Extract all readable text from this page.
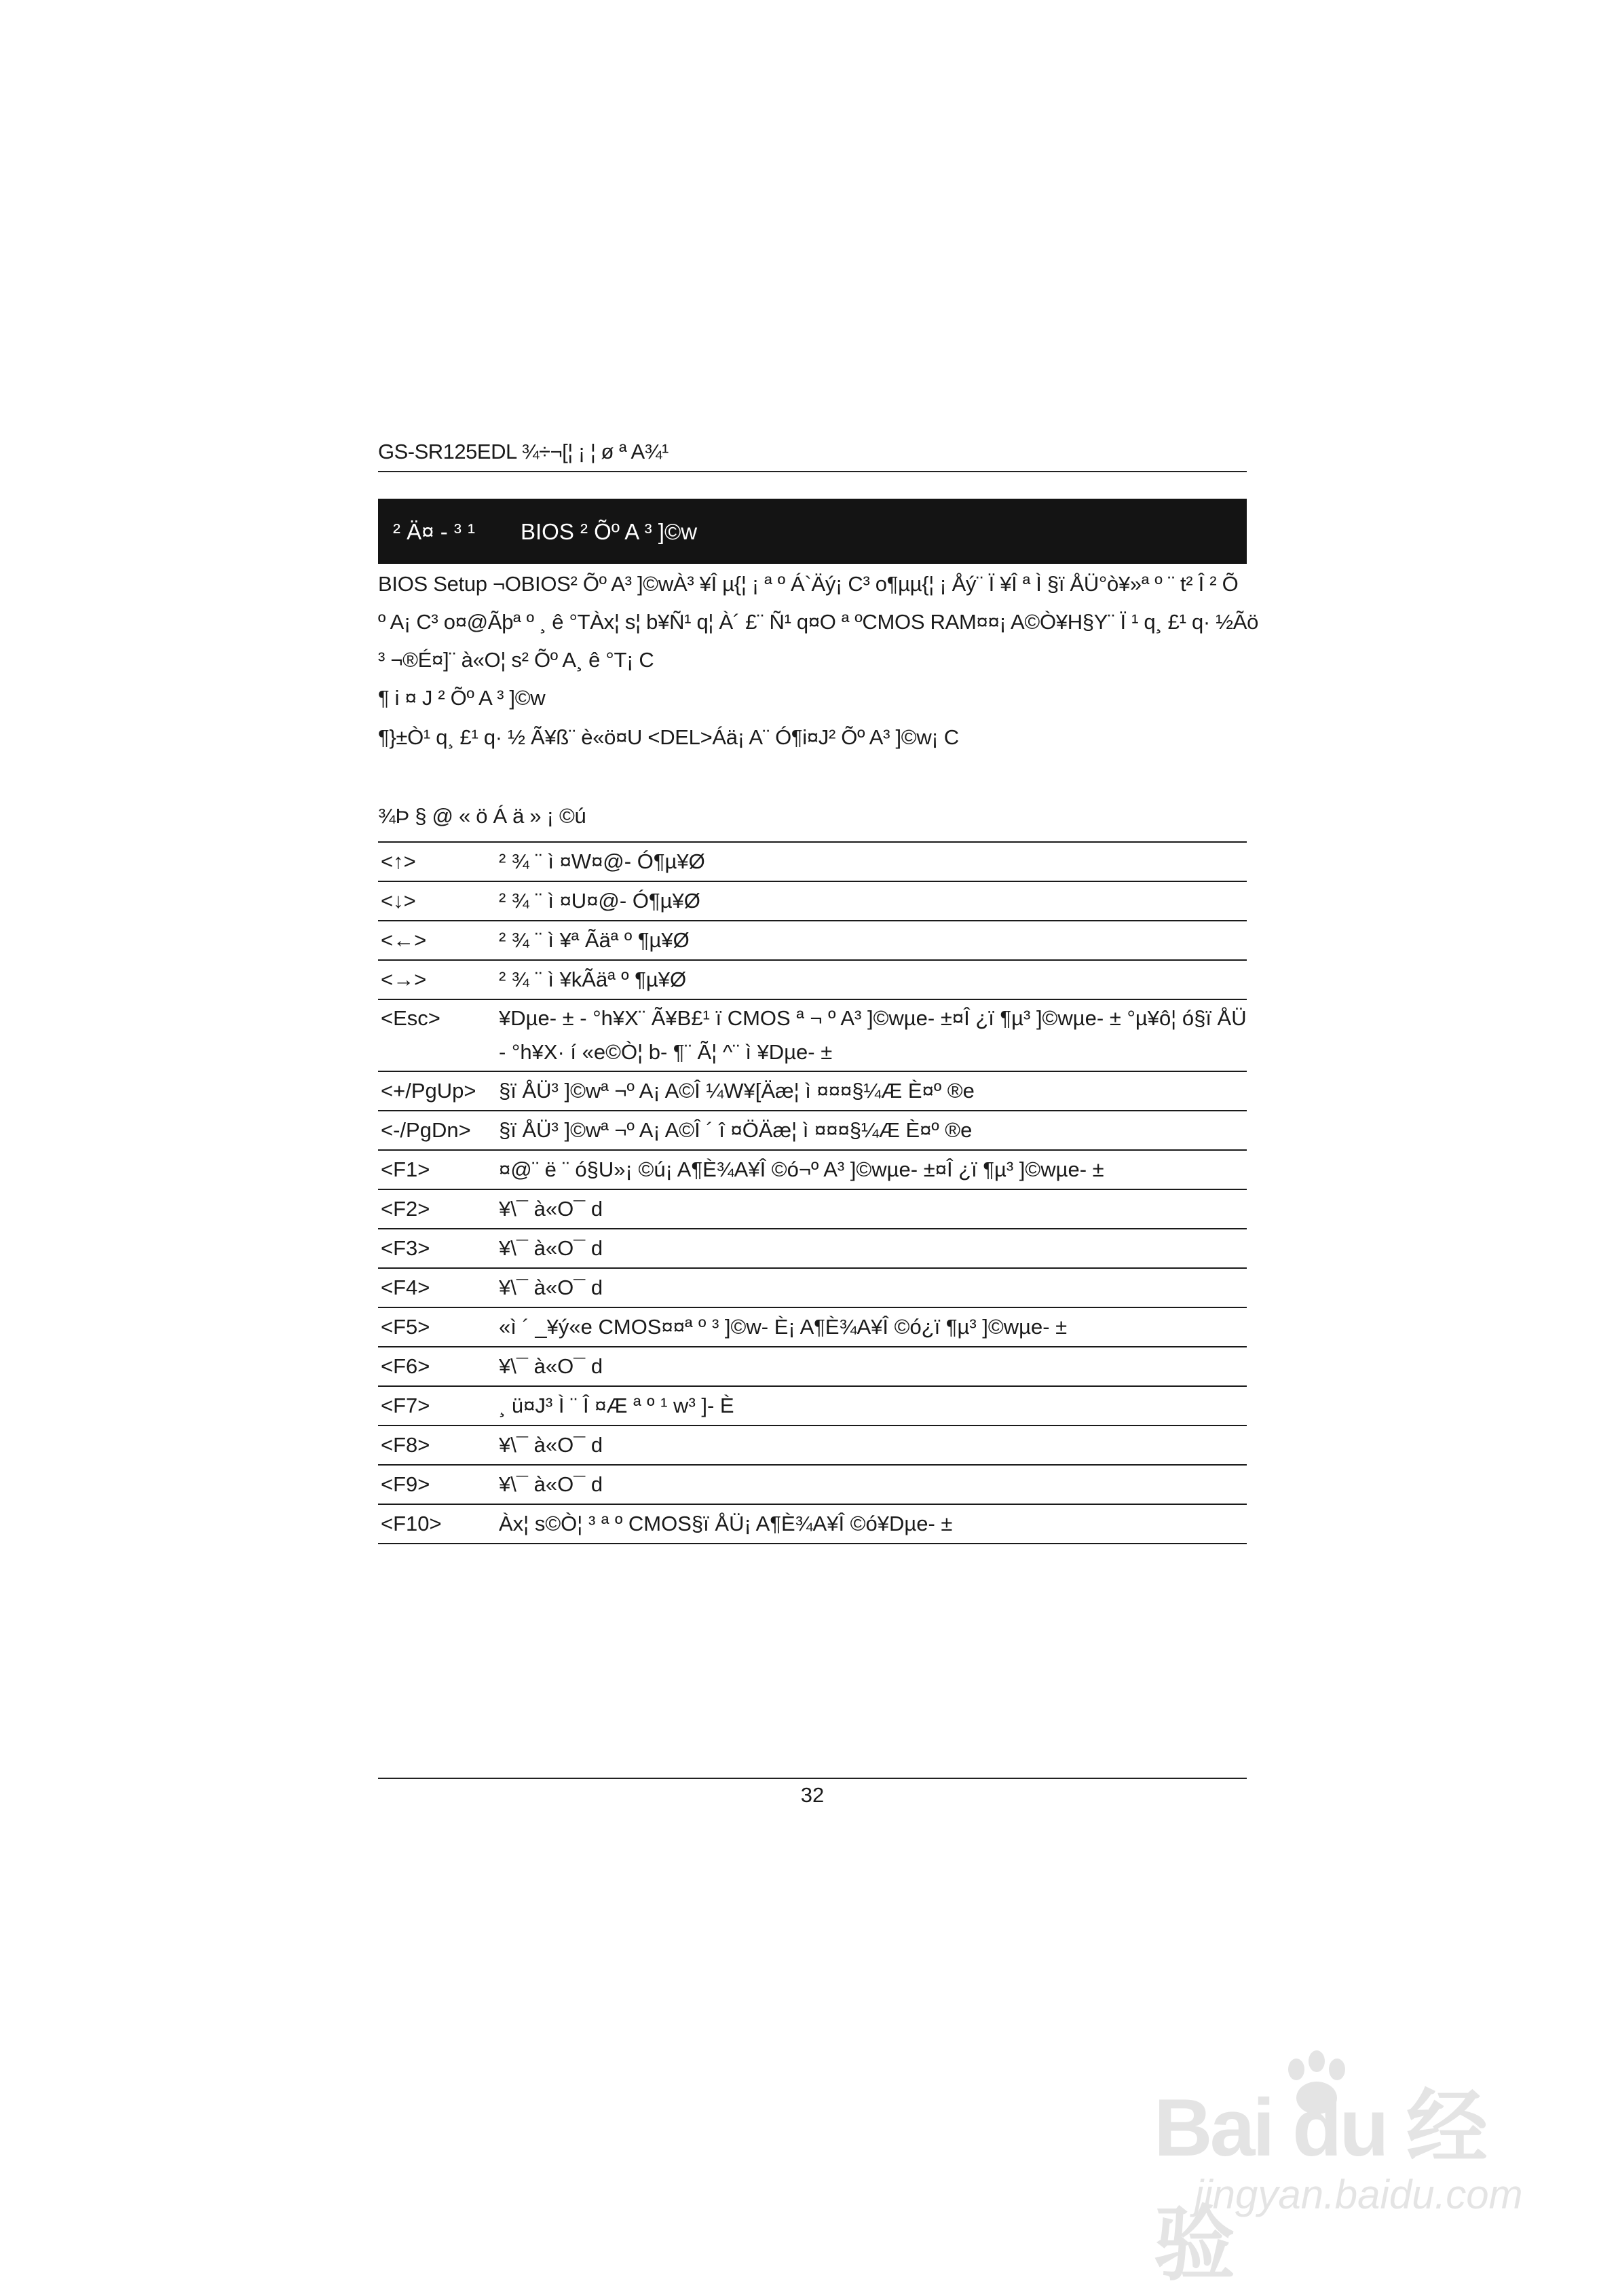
GS-SR125EDL ¾÷¬[¦ ¡ ¦ ø ª A¾¹
² Ä¤ - ³ ¹ BIOS ² Õº A ³ ]©w
BIOS Setup ¬OBIOS² Õº A³ ]©wÀ³ ¥Î µ{¦ ¡ ª º Á`Äý¡ C³ o¶µµ{¦ ¡ Åý¨ Ï ¥Î ª Ì §ï ÅÜ°ò¥»ª º ¨ t² Î ² Õ
º A¡ C³ o¤@Ãþª º ¸ ê °TÀx¦ s¦ b¥Ñ¹ q¦ À´ £¨ Ñ¹ q¤O ª ºCMOS RAM¤¤¡ A©Ò¥H§Y¨ Ï ¹ q¸ £¹ q· ½Ãö
³ ¬®É¤]¨ à«O¦ s² Õº A¸ ê °T¡ C
¶ i ¤ J ² Õº A ³ ]©w
¶}±Ò¹ q¸ £¹ q· ½ Ã¥ß¨ è«ö¤U <DEL>Áä¡ A¨ Ó¶i¤J² Õº A³ ]©w¡ C
¾Þ § @ « ö Á ä » ¡ ©ú
<↑>	² ¾ ¨ ì ¤W¤@- Ó¶µ¥Ø
<↓>	² ¾ ¨ ì ¤U¤@- Ó¶µ¥Ø
<←>	² ¾ ¨ ì ¥ª Ãäª º ¶µ¥Ø
<→>	² ¾ ¨ ì ¥kÃäª º ¶µ¥Ø
<Esc>	¥Dµe- ± - °h¥X¨ Ã¥B£¹ ï CMOS ª ¬ º A³ ]©wµe- ±¤Î ¿ï ¶µ³ ]©wµe- ± °µ¥ô¦ ó§ï ÅÜ
- °h¥X· í «e©Ò¦ b- ¶¨ Ã¦ ^¨ ì ¥Dµe- ±

<+/PgUp>	§ï ÅÜ³ ]©wª ¬º A¡ A©Î ¼W¥[Äæ¦ ì ¤¤¤§¼Æ È¤º ®e
<-/PgDn>	§ï ÅÜ³ ]©wª ¬º A¡ A©Î ´ î ¤ÖÄæ¦ ì ¤¤¤§¼Æ È¤º ®e
<F1>	¤@¨ ë ¨ ó§U»¡ ©ú¡ A¶È¾A¥Î ©ó¬º A³ ]©wµe- ±¤Î ¿ï ¶µ³ ]©wµe- ±
<F2>	¥\¯ à«O¯ d
<F3>	¥\¯ à«O¯ d
<F4>	¥\¯ à«O¯ d
<F5>	«ì ´ _¥ý«e CMOS¤¤ª º ³ ]©w- È¡ A¶È¾A¥Î ©ó¿ï ¶µ³ ]©wµe- ±
<F6>	¥\¯ à«O¯ d
<F7>	¸ ü¤J³ Ì ¨ Î ¤Æ ª º ¹ w³ ]- È
<F8>	¥\¯ à«O¯ d
<F9>	¥\¯ à«O¯ d
<F10>	Àx¦ s©Ò¦ ³ ª º CMOS§ï ÅÜ¡ A¶È¾A¥Î ©ó¥Dµe- ±
32
Bai du 经验
jingyan.baidu.com
